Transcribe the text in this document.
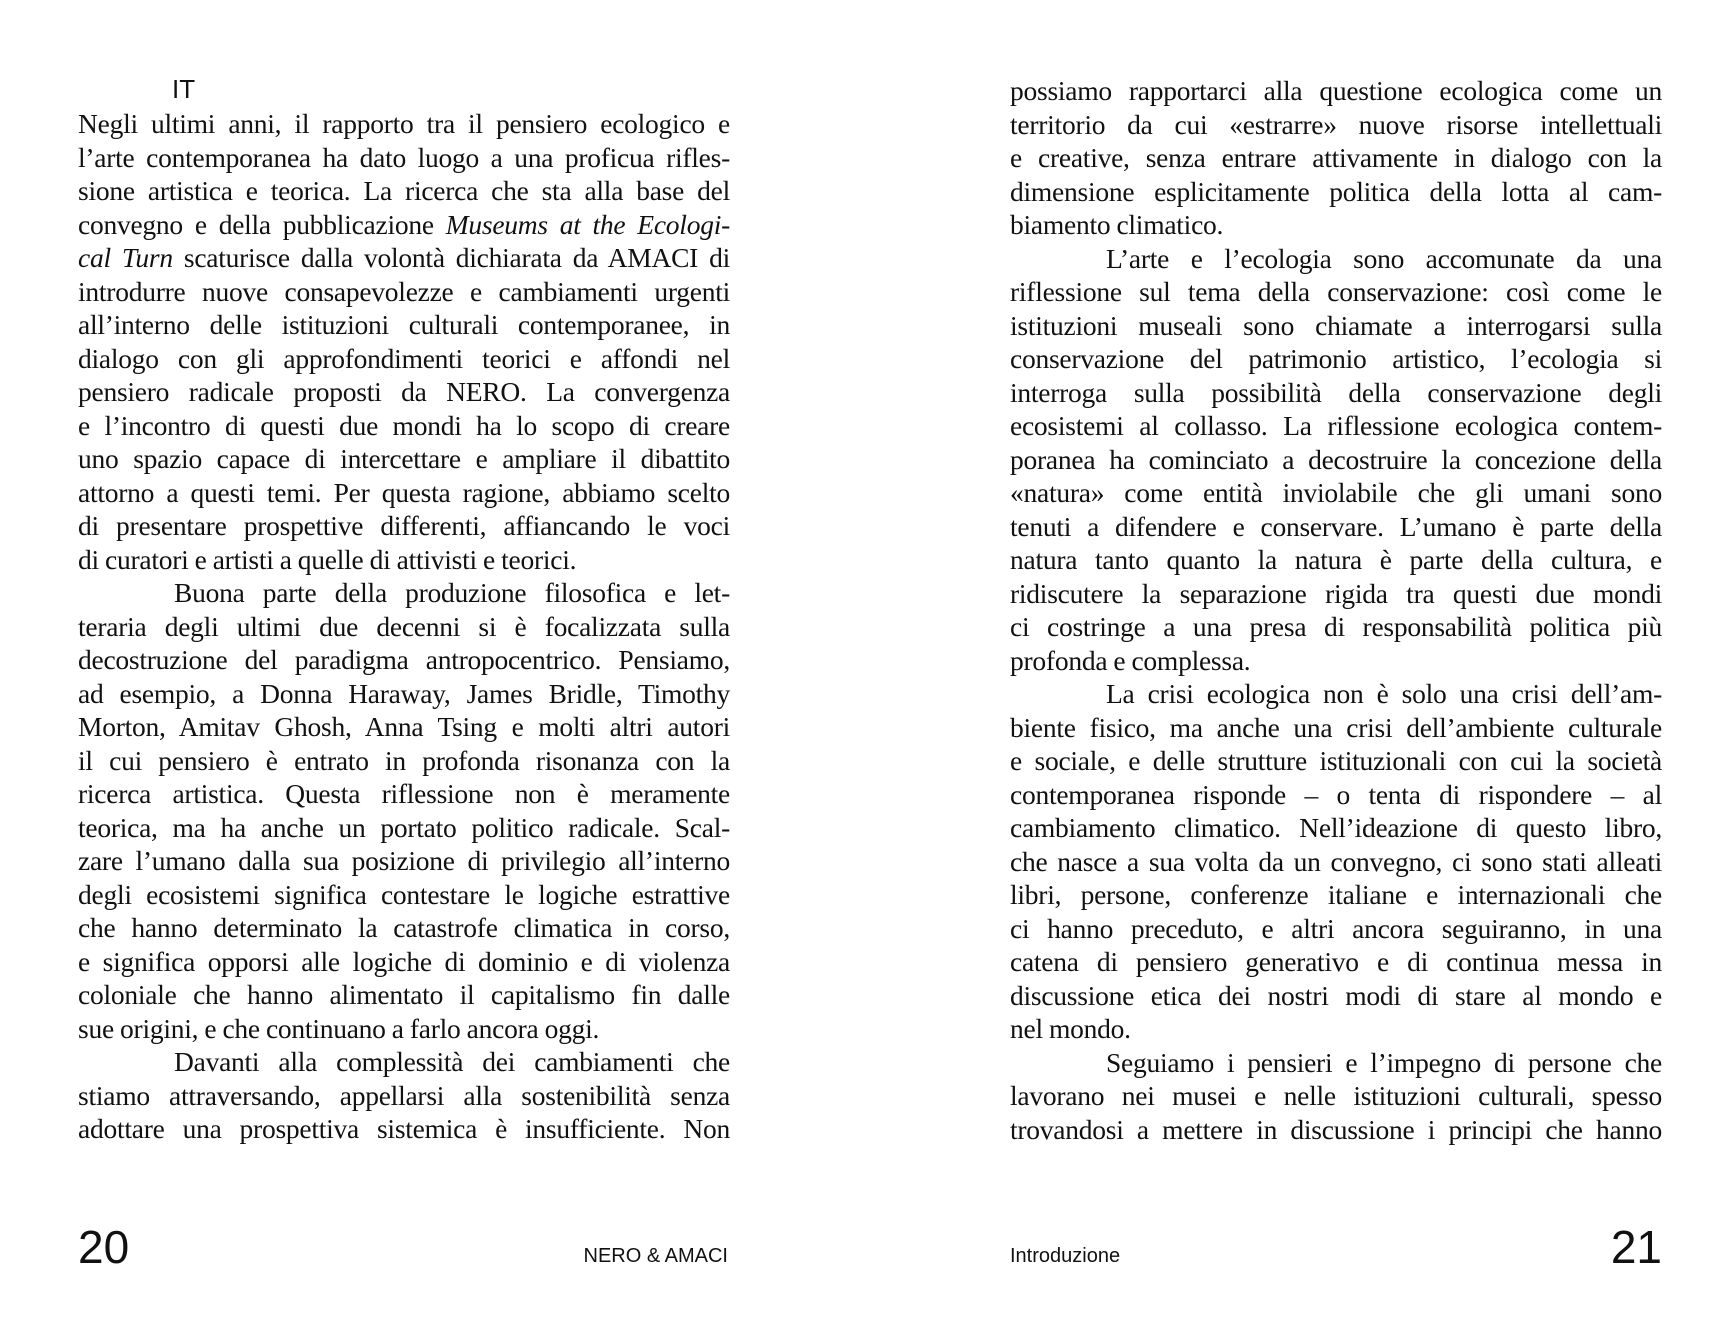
IT
Negli ultimi anni, il rapporto tra il pensiero ecologico e
l’arte contemporanea ha dato luogo a una proficua rifles-
sione artistica e teorica. La ricerca che sta alla base del
convegno e della pubblicazione Museums at the Ecologi-
cal Turn scaturisce dalla volontà dichiarata da AMACI di
introdurre nuove consapevolezze e cambiamenti urgenti
all’interno delle istituzioni culturali contemporanee, in
dialogo con gli approfondimenti teorici e affondi nel
pensiero radicale proposti da NERO. La convergenza
e l’incontro di questi due mondi ha lo scopo di creare
uno spazio capace di intercettare e ampliare il dibattito
attorno a questi temi. Per questa ragione, abbiamo scelto
di presentare prospettive differenti, affiancando le voci
di curatori e artisti a quelle di attivisti e teorici.
Buona parte della produzione filosofica e let-
teraria degli ultimi due decenni si è focalizzata sulla
decostruzione del paradigma antropocentrico. Pensiamo,
ad esempio, a Donna Haraway, James Bridle, Timothy
Morton, Amitav Ghosh, Anna Tsing e molti altri autori
il cui pensiero è entrato in profonda risonanza con la
ricerca artistica. Questa riflessione non è meramente
teorica, ma ha anche un portato politico radicale. Scal-
zare l’umano dalla sua posizione di privilegio all’interno
degli ecosistemi significa contestare le logiche estrattive
che hanno determinato la catastrofe climatica in corso,
e significa opporsi alle logiche di dominio e di violenza
coloniale che hanno alimentato il capitalismo fin dalle
sue origini, e che continuano a farlo ancora oggi.
Davanti alla complessità dei cambiamenti che
stiamo attraversando, appellarsi alla sostenibilità senza
adottare una prospettiva sistemica è insufficiente. Non
20	NERO & AMACI
possiamo rapportarci alla questione ecologica come un
territorio da cui «estrarre» nuove risorse intellettuali
e creative, senza entrare attivamente in dialogo con la
dimensione esplicitamente politica della lotta al cam-
biamento climatico.
L’arte e l’ecologia sono accomunate da una
riflessione sul tema della conservazione: così come le
istituzioni museali sono chiamate a interrogarsi sulla
conservazione del patrimonio artistico, l’ecologia si
interroga sulla possibilità della conservazione degli
ecosistemi al collasso. La riflessione ecologica contem-
poranea ha cominciato a decostruire la concezione della
«natura» come entità inviolabile che gli umani sono
tenuti a difendere e conservare. L’umano è parte della
natura tanto quanto la natura è parte della cultura, e
ridiscutere la separazione rigida tra questi due mondi
ci costringe a una presa di responsabilità politica più
profonda e complessa.
La crisi ecologica non è solo una crisi dell’am-
biente fisico, ma anche una crisi dell’ambiente culturale
e sociale, e delle strutture istituzionali con cui la società
contemporanea risponde – o tenta di rispondere – al
cambiamento climatico. Nell’ideazione di questo libro,
che nasce a sua volta da un convegno, ci sono stati alleati
libri, persone, conferenze italiane e internazionali che
ci hanno preceduto, e altri ancora seguiranno, in una
catena di pensiero generativo e di continua messa in
discussione etica dei nostri modi di stare al mondo e
nel mondo.
Seguiamo i pensieri e l’impegno di persone che
lavorano nei musei e nelle istituzioni culturali, spesso
trovandosi a mettere in discussione i principi che hanno
Introduzione	21
